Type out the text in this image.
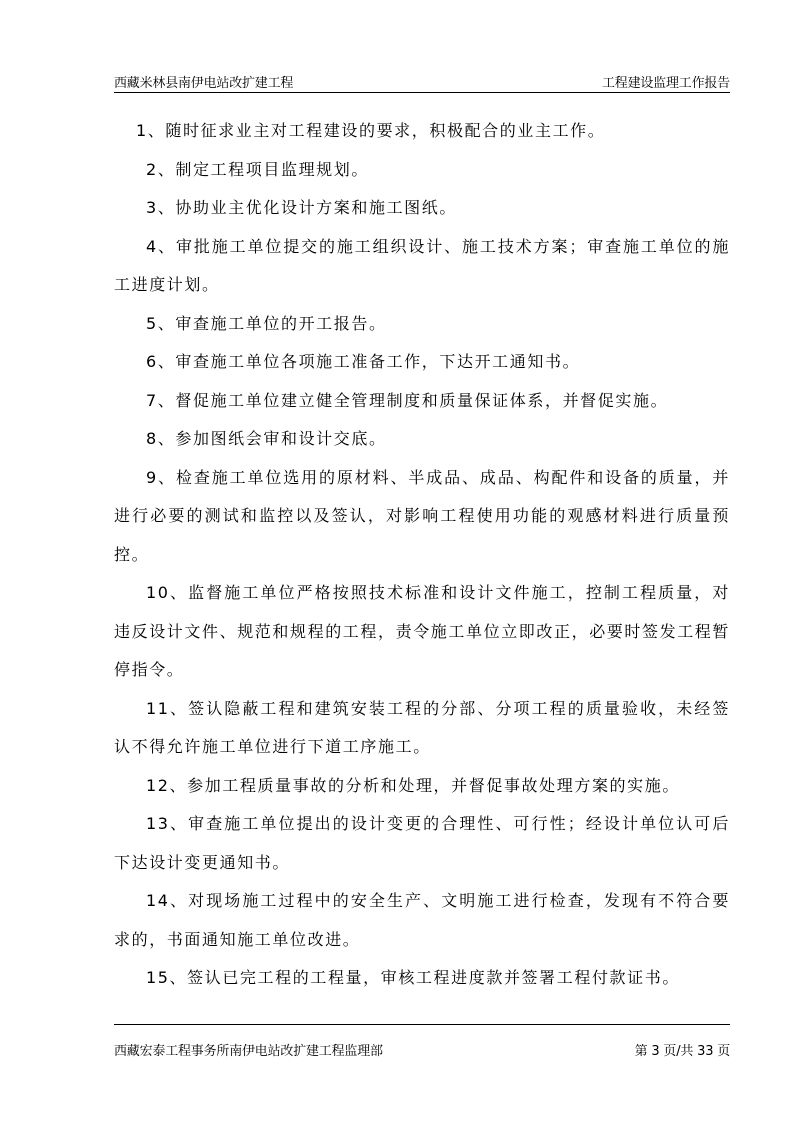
西藏米林县南伊电站改扩建工程	工程建设监理工作报告

1、随时征求业主对工程建设的要求，积极配合的业主工作。

2、制定工程项目监理规划。

3、协助业主优化设计方案和施工图纸。

4、审批施工单位提交的施工组织设计、施工技术方案；审查施工单位的施工进度计划。

5、审查施工单位的开工报告。

6、审查施工单位各项施工准备工作，下达开工通知书。

7、督促施工单位建立健全管理制度和质量保证体系，并督促实施。

8、参加图纸会审和设计交底。

9、检查施工单位选用的原材料、半成品、成品、构配件和设备的质量，并进行必要的测试和监控以及签认，对影响工程使用功能的观感材料进行质量预控。

10、监督施工单位严格按照技术标准和设计文件施工，控制工程质量，对违反设计文件、规范和规程的工程，责令施工单位立即改正，必要时签发工程暂停指令。

11、签认隐蔽工程和建筑安装工程的分部、分项工程的质量验收，未经签认不得允许施工单位进行下道工序施工。

12、参加工程质量事故的分析和处理，并督促事故处理方案的实施。

13、审查施工单位提出的设计变更的合理性、可行性；经设计单位认可后下达设计变更通知书。

14、对现场施工过程中的安全生产、文明施工进行检查，发现有不符合要求的，书面通知施工单位改进。

15、签认已完工程的工程量，审核工程进度款并签署工程付款证书。

西藏宏泰工程事务所南伊电站改扩建工程监理部	第 3 页/共 33 页
